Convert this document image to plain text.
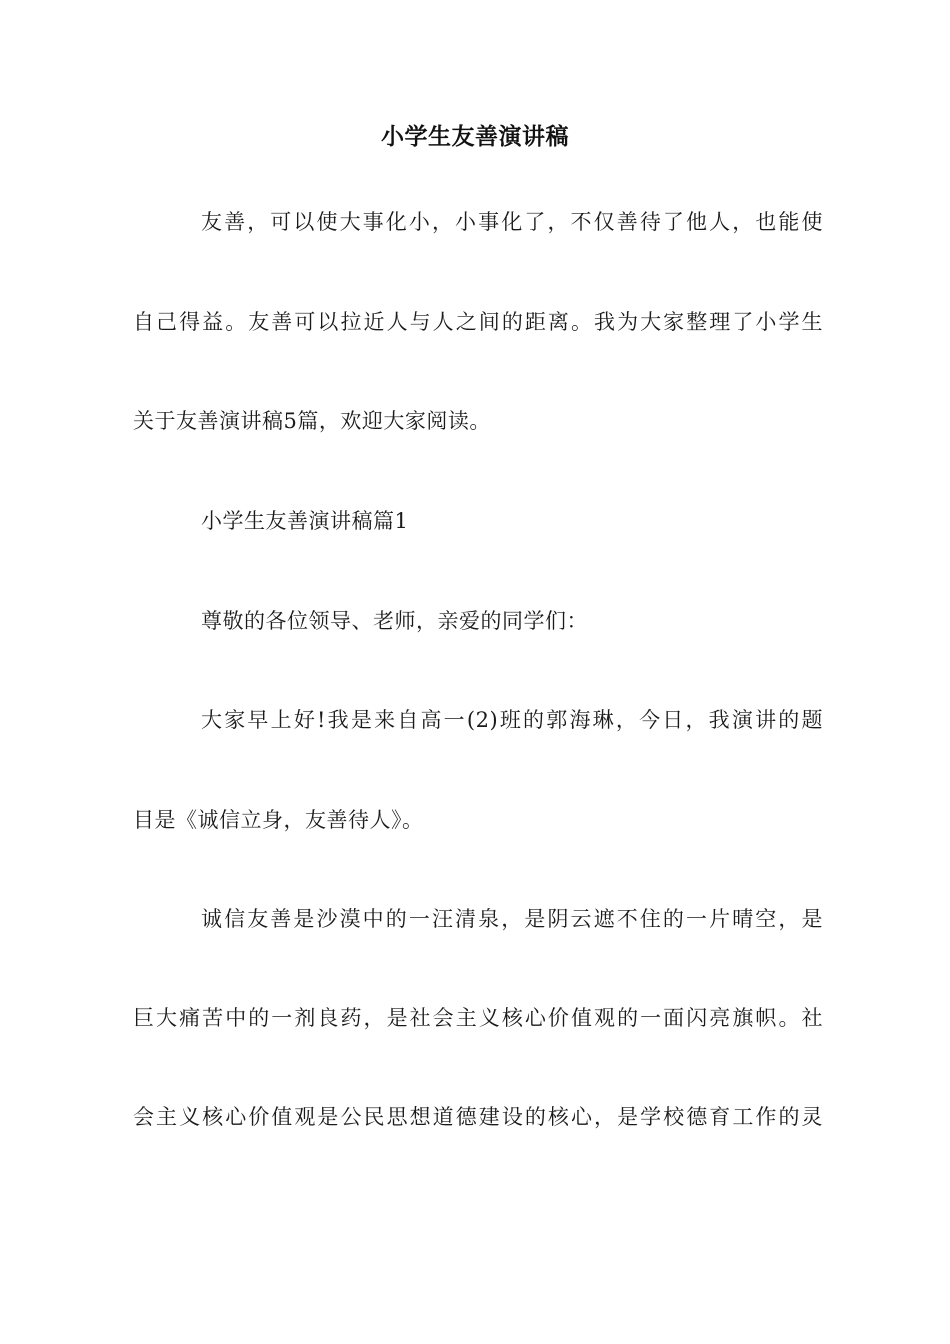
小学生友善演讲稿
友善，可以使大事化小，小事化了，不仅善待了他人，也能使
自己得益。友善可以拉近人与人之间的距离。我为大家整理了小学生
关于友善演讲稿5篇，欢迎大家阅读。
小学生友善演讲稿篇1
尊敬的各位领导、老师，亲爱的同学们：
大家早上好!我是来自高一(2)班的郭海琳，今日，我演讲的题
目是《诚信立身，友善待人》。
诚信友善是沙漠中的一汪清泉，是阴云遮不住的一片晴空，是
巨大痛苦中的一剂良药，是社会主义核心价值观的一面闪亮旗帜。社
会主义核心价值观是公民思想道德建设的核心，是学校德育工作的灵
